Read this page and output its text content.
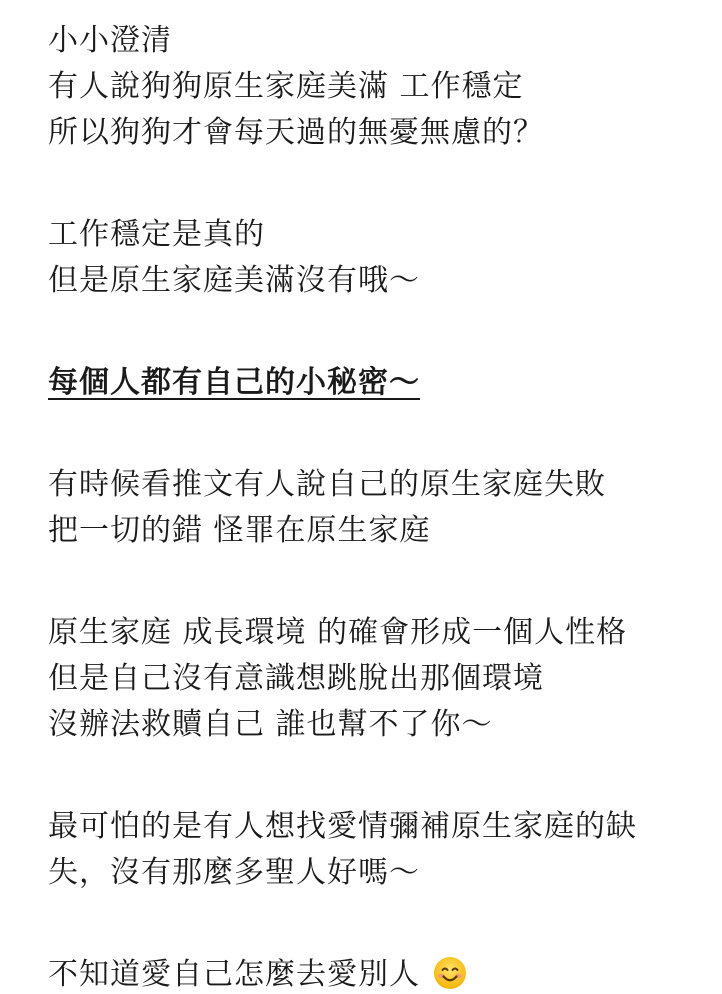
小小澄清
有人說狗狗原生家庭美滿 工作穩定
所以狗狗才會每天過的無憂無慮的？
工作穩定是真的
但是原生家庭美滿沒有哦～
每個人都有自己的小秘密～
有時候看推文有人說自己的原生家庭失敗
把一切的錯 怪罪在原生家庭
原生家庭 成長環境 的確會形成一個人性格
但是自己沒有意識想跳脫出那個環境
沒辦法救贖自己 誰也幫不了你～
最可怕的是有人想找愛情彌補原生家庭的缺
失，沒有那麼多聖人好嗎～
不知道愛自己怎麼去愛別人
